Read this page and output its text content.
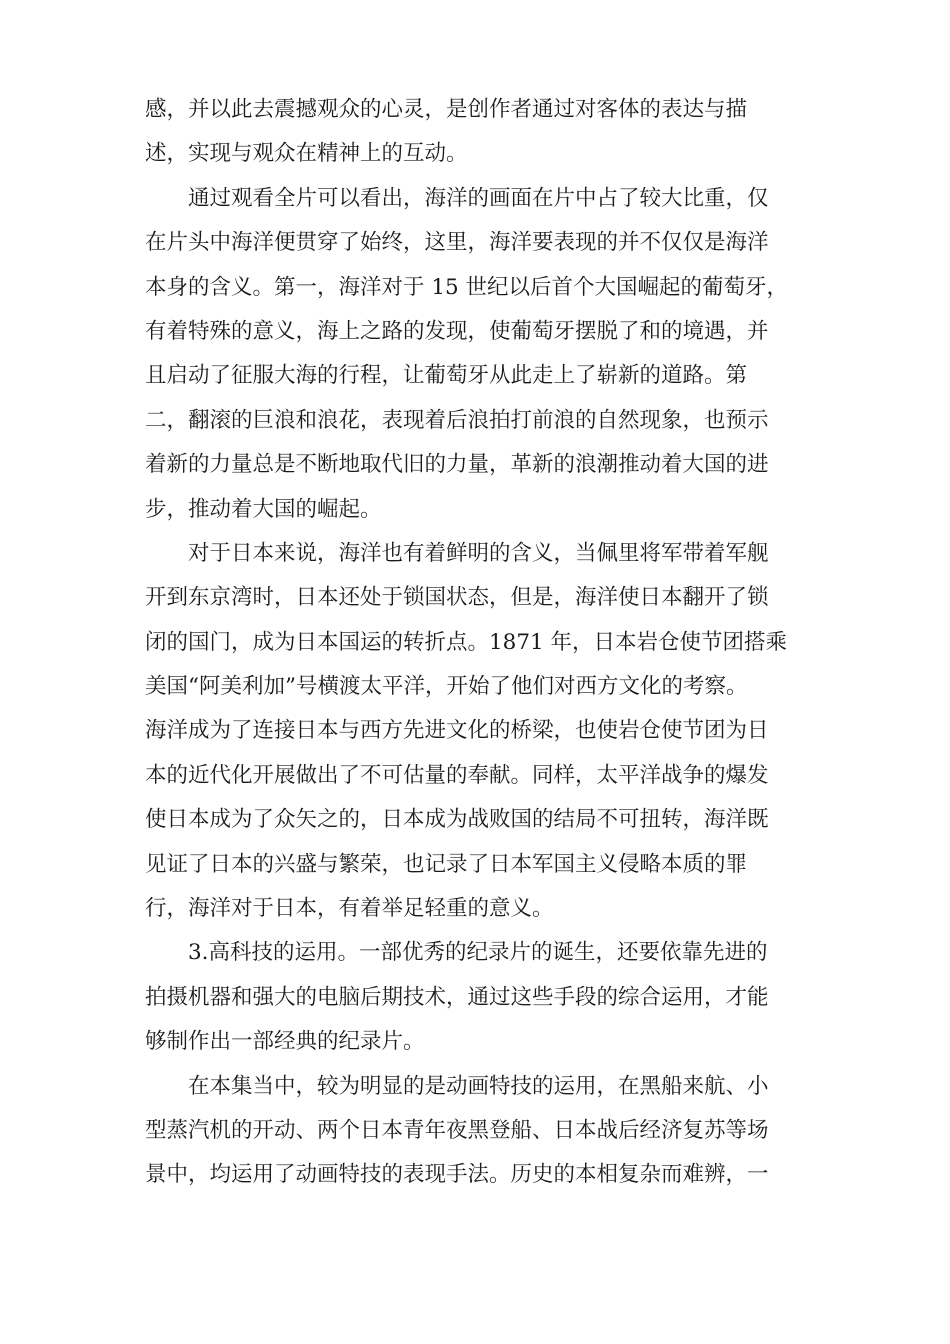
感，并以此去震撼观众的心灵，是创作者通过对客体的表达与描
述，实现与观众在精神上的互动。
通过观看全片可以看出，海洋的画面在片中占了较大比重，仅
在片头中海洋便贯穿了始终，这里，海洋要表现的并不仅仅是海洋
本身的含义。第一，海洋对于 15 世纪以后首个大国崛起的葡萄牙，
有着特殊的意义，海上之路的发现，使葡萄牙摆脱了和的境遇，并
且启动了征服大海的行程，让葡萄牙从此走上了崭新的道路。第
二，翻滚的巨浪和浪花，表现着后浪拍打前浪的自然现象，也预示
着新的力量总是不断地取代旧的力量，革新的浪潮推动着大国的进
步，推动着大国的崛起。
对于日本来说，海洋也有着鲜明的含义，当佩里将军带着军舰
开到东京湾时，日本还处于锁国状态，但是，海洋使日本翻开了锁
闭的国门，成为日本国运的转折点。1871 年，日本岩仓使节团搭乘
美国“阿美利加”号横渡太平洋，开始了他们对西方文化的考察。
海洋成为了连接日本与西方先进文化的桥梁，也使岩仓使节团为日
本的近代化开展做出了不可估量的奉献。同样，太平洋战争的爆发
使日本成为了众矢之的，日本成为战败国的结局不可扭转，海洋既
见证了日本的兴盛与繁荣，也记录了日本军国主义侵略本质的罪
行，海洋对于日本，有着举足轻重的意义。
3.高科技的运用。一部优秀的纪录片的诞生，还要依靠先进的
拍摄机器和强大的电脑后期技术，通过这些手段的综合运用，才能
够制作出一部经典的纪录片。
在本集当中，较为明显的是动画特技的运用，在黑船来航、小
型蒸汽机的开动、两个日本青年夜黑登船、日本战后经济复苏等场
景中，均运用了动画特技的表现手法。历史的本相复杂而难辨，一
